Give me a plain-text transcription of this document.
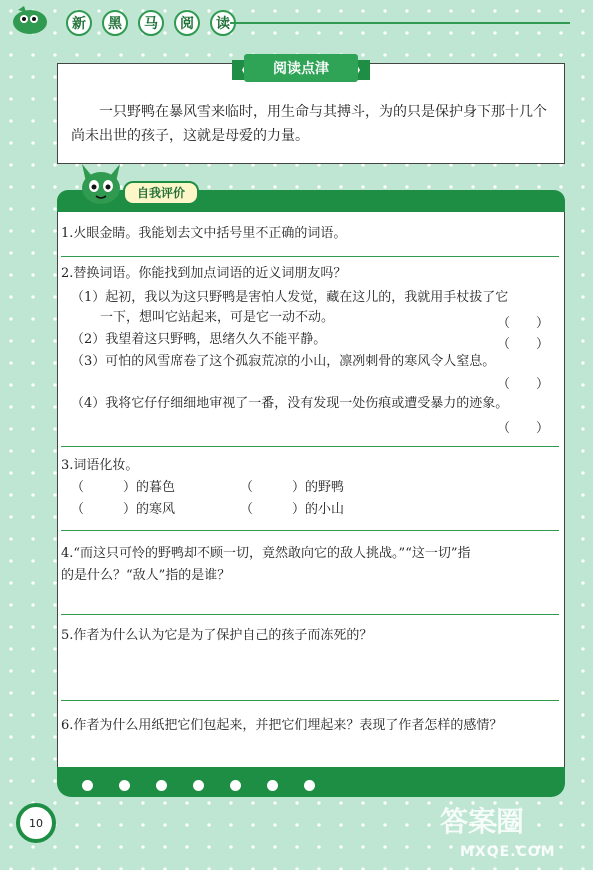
新	黑	马	阅	读
阅读点津
一只野鸭在暴风雪来临时，用生命与其搏斗，为的只是保护身下那十几个尚未出世的孩子，这就是母爱的力量。
自我评价
1.火眼金睛。我能划去文中括号里不正确的词语。
2.替换词语。你能找到加点词语的近义词朋友吗？
（1）起初，我以为这只野鸭是害怕人发觉，藏在这儿的，我就用手杖拔了它
一下，想叫它站起来，可是它一动不动。	（　　）
（2）我望着这只野鸭，思绪久久不能平静。	（　　）
（3）可怕的风雪席卷了这个孤寂荒凉的小山，凛冽刺骨的寒风令人窒息。
（　　）
（4）我将它仔仔细细地审视了一番，没有发现一处伤痕或遭受暴力的迹象。
（　　）
3.词语化妆。
（　　　）的暮色	（　　　）的野鸭
（　　　）的寒风	（　　　）的小山
4.“而这只可怜的野鸭却不顾一切，竟然敢向它的敌人挑战。”“这一切”指
的是什么？“敌人”指的是谁？
5.作者为什么认为它是为了保护自己的孩子而冻死的？
6.作者为什么用纸把它们包起来，并把它们埋起来？表现了作者怎样的感情？
10	答案圈
MXQE.COM
